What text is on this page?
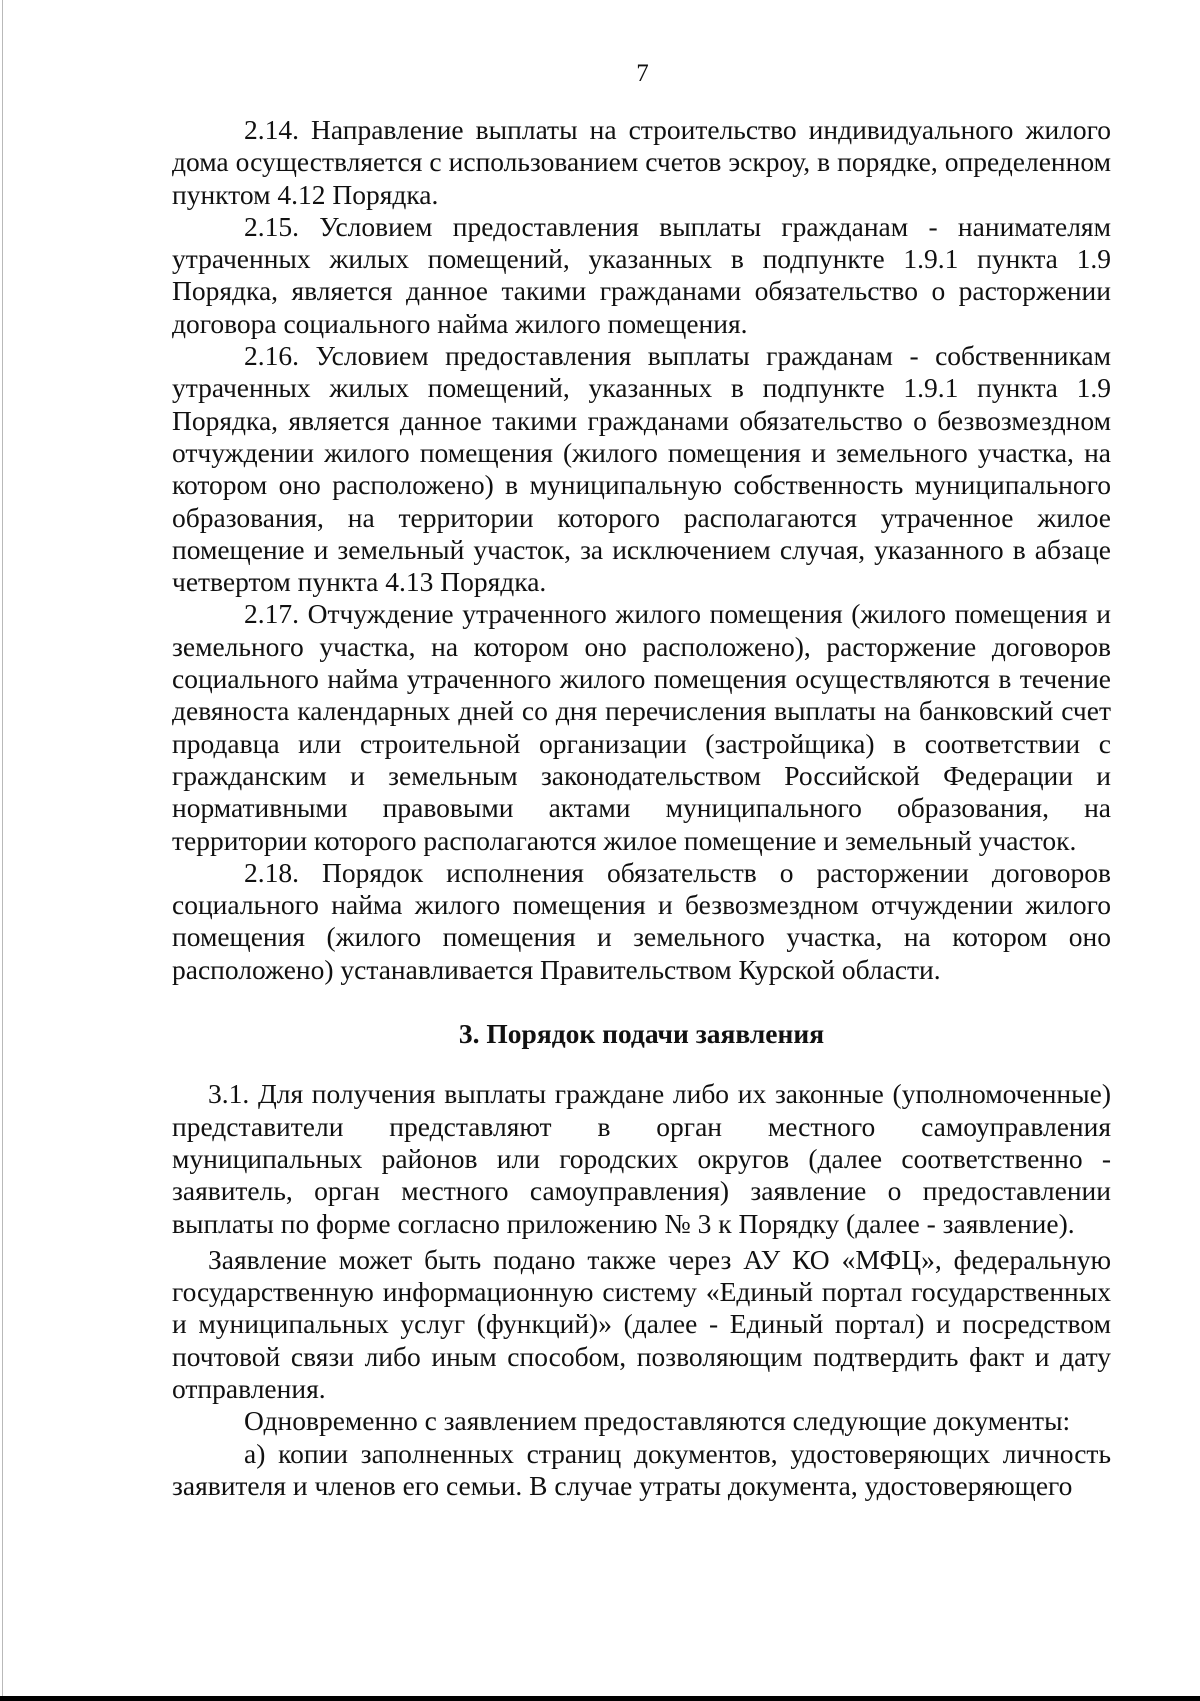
7

2.14. Направление выплаты на строительство индивидуального жилого дома осуществляется с использованием счетов эскроу, в порядке, определенном пунктом 4.12 Порядка.

2.15. Условием предоставления выплаты гражданам - нанимателям утраченных жилых помещений, указанных в подпункте 1.9.1 пункта 1.9 Порядка, является данное такими гражданами обязательство о расторжении договора социального найма жилого помещения.

2.16. Условием предоставления выплаты гражданам - собственникам утраченных жилых помещений, указанных в подпункте 1.9.1 пункта 1.9 Порядка, является данное такими гражданами обязательство о безвозмездном отчуждении жилого помещения (жилого помещения и земельного участка, на котором оно расположено) в муниципальную собственность муниципального образования, на территории которого располагаются утраченное жилое помещение и земельный участок, за исключением случая, указанного в абзаце четвертом пункта 4.13 Порядка.

2.17. Отчуждение утраченного жилого помещения (жилого помещения и земельного участка, на котором оно расположено), расторжение договоров социального найма утраченного жилого помещения осуществляются в течение девяноста календарных дней со дня перечисления выплаты на банковский счет продавца или строительной организации (застройщика) в соответствии с гражданским и земельным законодательством Российской Федерации и нормативными правовыми актами муниципального образования, на территории которого располагаются жилое помещение и земельный участок.

2.18. Порядок исполнения обязательств о расторжении договоров социального найма жилого помещения и безвозмездном отчуждении жилого помещения (жилого помещения и земельного участка, на котором оно расположено) устанавливается Правительством Курской области.

3. Порядок подачи заявления

3.1. Для получения выплаты граждане либо их законные (уполномоченные) представители представляют в орган местного самоуправления муниципальных районов или городских округов (далее соответственно - заявитель, орган местного самоуправления) заявление о предоставлении выплаты по форме согласно приложению № 3 к Порядку (далее - заявление).

Заявление может быть подано также через АУ КО «МФЦ», федеральную государственную информационную систему «Единый портал государственных и муниципальных услуг (функций)» (далее - Единый портал) и посредством почтовой связи либо иным способом, позволяющим подтвердить факт и дату отправления.

Одновременно с заявлением предоставляются следующие документы:

а) копии заполненных страниц документов, удостоверяющих личность заявителя и членов его семьи. В случае утраты документа, удостоверяющего
